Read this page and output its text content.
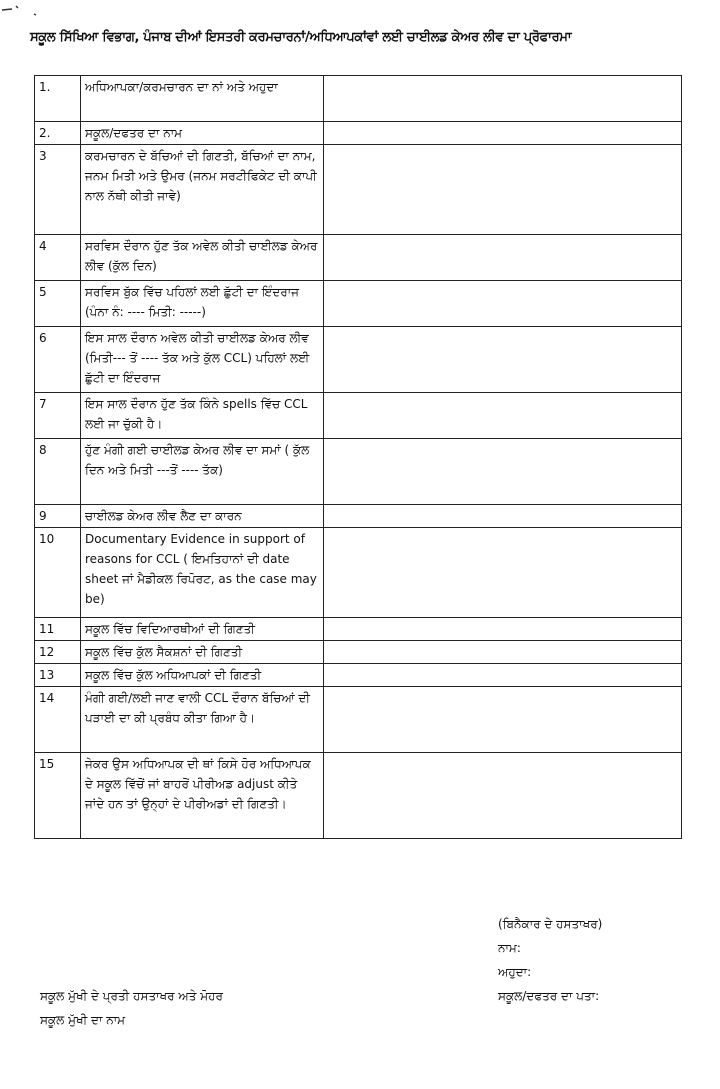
ਸਕੂਲ ਸਿੱਖਿਆ ਵਿਭਾਗ, ਪੰਜਾਬ ਦੀਆਂ ਇਸਤਰੀ ਕਰਮਚਾਰਨਾਂ/ਅਧਿਆਪਕਾਂਵਾਂ ਲਈ ਚਾਈਲਡ ਕੇਅਰ ਲੀਵ ਦਾ ਪ੍ਰੋਫਾਰਮਾ
1.	ਅਧਿਆਪਕਾ/ਕਰਮਚਾਰਨ ਦਾ ਨਾਂ ਅਤੇ ਅਹੁਦਾ	
2.	ਸਕੂਲ/ਦਫਤਰ ਦਾ ਨਾਮ	
3	ਕਰਮਚਾਰਨ ਦੇ ਬੱਚਿਆਂ ਦੀ ਗਿਣਤੀ, ਬੱਚਿਆਂ ਦਾ ਨਾਮ, ਜਨਮ ਮਿਤੀ ਅਤੇ ਉਮਰ (ਜਨਮ ਸਰਟੀਫਿਕੇਟ ਦੀ ਕਾਪੀ ਨਾਲ ਨੱਥੀ ਕੀਤੀ ਜਾਵੇ)	
4	ਸਰਵਿਸ ਦੌਰਾਨ ਹੁੱਣ ਤੱਕ ਅਵੇਲ ਕੀਤੀ ਚਾਈਲਡ ਕੇਅਰ ਲੀਵ (ਕੁੱਲ ਦਿਨ)	
5	ਸਰਵਿਸ ਬੁੱਕ ਵਿੱਚ ਪਹਿਲਾਂ ਲਈ ਛੁੱਟੀ ਦਾ ਇੰਦਰਾਜ (ਪੰਨਾ ਨੰ: ---- ਮਿਤੀ: -----)	
6	ਇਸ ਸਾਲ ਦੌਰਾਨ ਅਵੇਲ ਕੀਤੀ ਚਾਈਲਡ ਕੇਅਰ ਲੀਵ (ਮਿਤੀ--- ਤੋਂ ---- ਤੱਕ ਅਤੇ ਕੁੱਲ CCL) ਪਹਿਲਾਂ ਲਈ ਛੁੱਟੀ ਦਾ ਇੰਦਰਾਜ	
7	ਇਸ ਸਾਲ ਦੌਰਾਨ ਹੁੱਣ ਤੱਕ ਕਿੰਨੇ spells ਵਿੱਚ CCL ਲਈ ਜਾ ਚੁੱਕੀ ਹੈ।	
8	ਹੁੱਣ ਮੰਗੀ ਗਈ ਚਾਈਲਡ ਕੇਅਰ ਲੀਵ ਦਾ ਸਮਾਂ ( ਕੁੱਲ ਦਿਨ ਅਤੇ ਮਿਤੀ ---ਤੋਂ ---- ਤੱਕ)	
9	ਚਾਈਲਡ ਕੇਅਰ ਲੀਵ ਲੈਣ ਦਾ ਕਾਰਨ	
10	Documentary Evidence in support of reasons for CCL ( ਇਮਤਿਹਾਨਾਂ ਦੀ date sheet ਜਾਂ ਮੈਡੀਕਲ ਰਿਪੋਰਟ, as the case may be)	
11	ਸਕੂਲ ਵਿੱਚ ਵਿਦਿਆਰਥੀਆਂ ਦੀ ਗਿਣਤੀ	
12	ਸਕੂਲ ਵਿੱਚ ਕੁੱਲ ਸੈਕਸ਼ਨਾਂ ਦੀ ਗਿਣਤੀ	
13	ਸਕੂਲ ਵਿੱਚ ਕੁੱਲ ਅਧਿਆਪਕਾਂ ਦੀ ਗਿਣਤੀ	
14	ਮੰਗੀ ਗਈ/ਲਈ ਜਾਣ ਵਾਲੀ CCL ਦੌਰਾਨ ਬੱਚਿਆਂ ਦੀ ਪੜਾਈ ਦਾ ਕੀ ਪ੍ਰਬੰਧ ਕੀਤਾ ਗਿਆ ਹੈ।	
15	ਜੇਕਰ ਉਸ ਅਧਿਆਪਕ ਦੀ ਥਾਂ ਕਿਸੇ ਹੋਰ ਅਧਿਆਪਕ ਦੇ ਸਕੂਲ ਵਿੱਚੋਂ ਜਾਂ ਬਾਹਰੋਂ ਪੀਰੀਅਡ adjust ਕੀਤੇ ਜਾਂਦੇ ਹਨ ਤਾਂ ਉਨ੍ਹਾਂ ਦੇ ਪੀਰੀਅਡਾਂ ਦੀ ਗਿਣਤੀ।	
(ਬਿਨੈਕਾਰ ਦੇ ਹਸਤਾਖਰ)
ਨਾਮ:
ਅਹੁਦਾ:
ਸਕੂਲ/ਦਫਤਰ ਦਾ ਪਤਾ:
ਸਕੂਲ ਮੁੱਖੀ ਦੇ ਪ੍ਰਤੀ ਹਸਤਾਖਰ ਅਤੇ ਮੋਹਰ
ਸਕੂਲ ਮੁੱਖੀ ਦਾ ਨਾਮ
